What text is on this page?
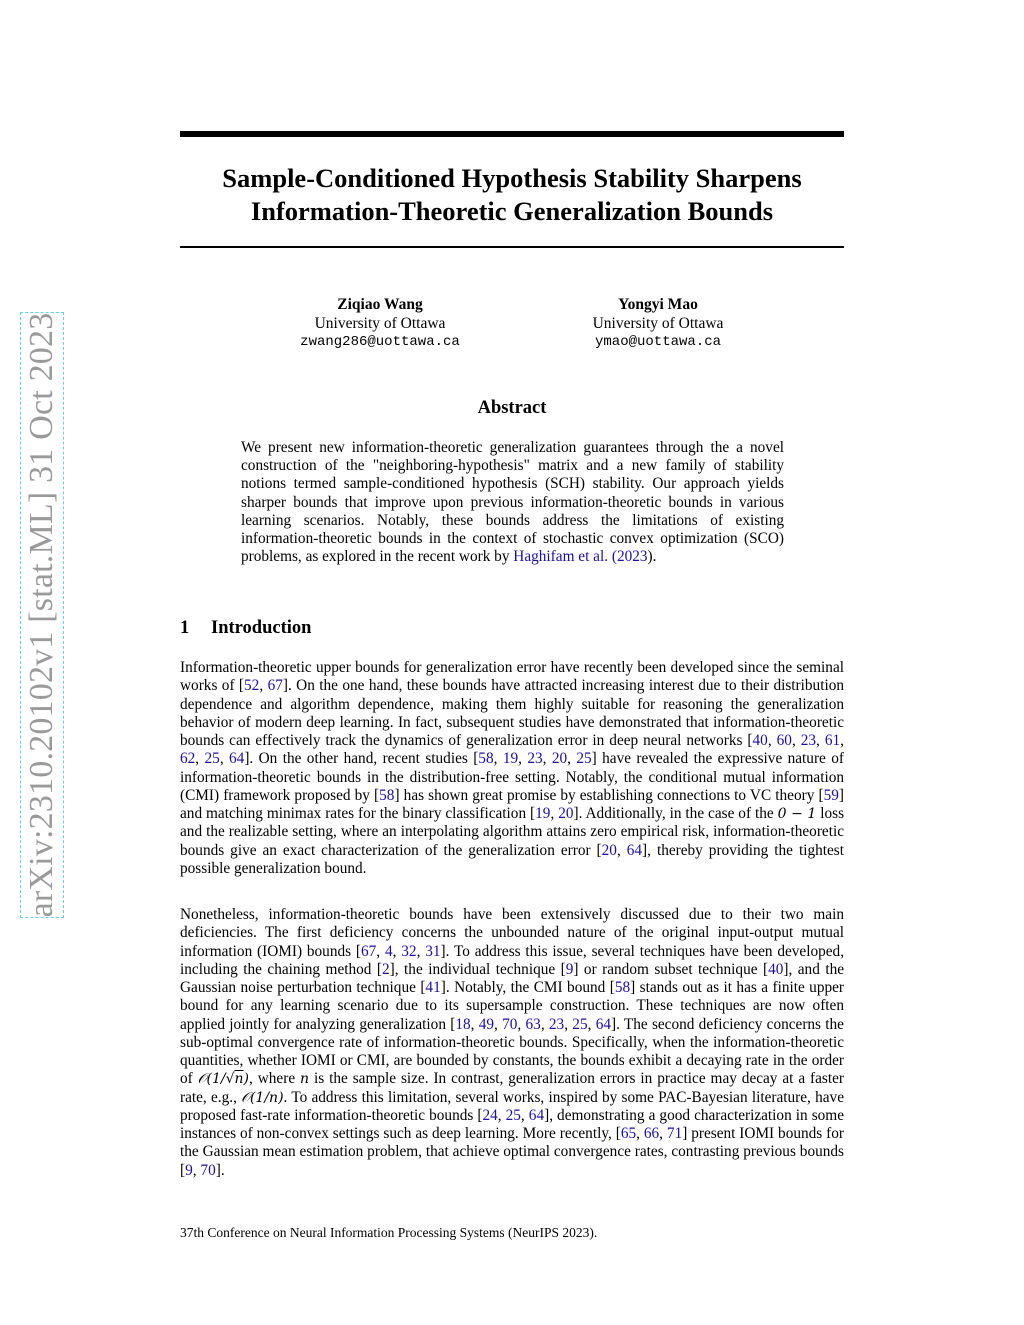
arXiv:2310.20102v1 [stat.ML] 31 Oct 2023
Sample-Conditioned Hypothesis Stability Sharpens
Information-Theoretic Generalization Bounds
Ziqiao Wang
University of Ottawa
zwang286@uottawa.ca
Yongyi Mao
University of Ottawa
ymao@uottawa.ca
Abstract
We present new information-theoretic generalization guarantees through the a novel construction of the "neighboring-hypothesis" matrix and a new family of stability notions termed sample-conditioned hypothesis (SCH) stability. Our approach yields sharper bounds that improve upon previous information-theoretic bounds in various learning scenarios. Notably, these bounds address the limitations of existing information-theoretic bounds in the context of stochastic convex optimization (SCO) problems, as explored in the recent work by Haghifam et al. (2023).
1 Introduction
Information-theoretic upper bounds for generalization error have recently been developed since the seminal works of [52, 67]. On the one hand, these bounds have attracted increasing interest due to their distribution dependence and algorithm dependence, making them highly suitable for reasoning the generalization behavior of modern deep learning. In fact, subsequent studies have demonstrated that information-theoretic bounds can effectively track the dynamics of generalization error in deep neural networks [40, 60, 23, 61, 62, 25, 64]. On the other hand, recent studies [58, 19, 23, 20, 25] have revealed the expressive nature of information-theoretic bounds in the distribution-free setting. Notably, the conditional mutual information (CMI) framework proposed by [58] has shown great promise by establishing connections to VC theory [59] and matching minimax rates for the binary classification [19, 20]. Additionally, in the case of the 0 − 1 loss and the realizable setting, where an interpolating algorithm attains zero empirical risk, information-theoretic bounds give an exact characterization of the generalization error [20, 64], thereby providing the tightest possible generalization bound.
Nonetheless, information-theoretic bounds have been extensively discussed due to their two main deficiencies. The first deficiency concerns the unbounded nature of the original input-output mutual information (IOMI) bounds [67, 4, 32, 31]. To address this issue, several techniques have been developed, including the chaining method [2], the individual technique [9] or random subset technique [40], and the Gaussian noise perturbation technique [41]. Notably, the CMI bound [58] stands out as it has a finite upper bound for any learning scenario due to its supersample construction. These techniques are now often applied jointly for analyzing generalization [18, 49, 70, 63, 23, 25, 64]. The second deficiency concerns the sub-optimal convergence rate of information-theoretic bounds. Specifically, when the information-theoretic quantities, whether IOMI or CMI, are bounded by constants, the bounds exhibit a decaying rate in the order of 𝒪(1/√n), where n is the sample size. In contrast, generalization errors in practice may decay at a faster rate, e.g., 𝒪(1/n). To address this limitation, several works, inspired by some PAC-Bayesian literature, have proposed fast-rate information-theoretic bounds [24, 25, 64], demonstrating a good characterization in some instances of non-convex settings such as deep learning. More recently, [65, 66, 71] present IOMI bounds for the Gaussian mean estimation problem, that achieve optimal convergence rates, contrasting previous bounds [9, 70].
37th Conference on Neural Information Processing Systems (NeurIPS 2023).
